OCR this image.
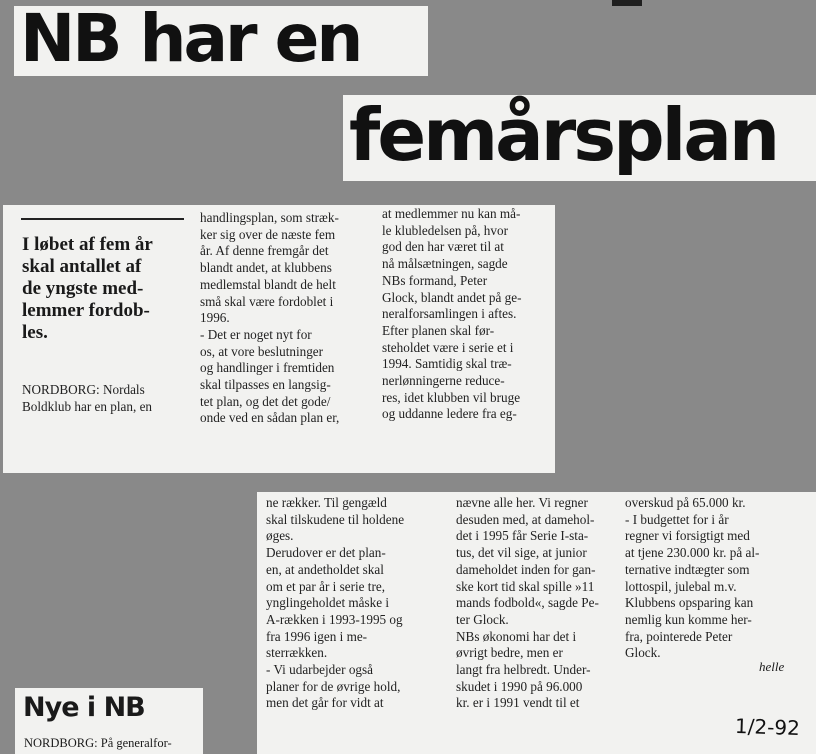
NB har en
femårsplan
I løbet af fem år
skal antallet af
de yngste med-
lemmer fordob-
les.
NORDBORG: Nordals
Boldklub har en plan, en
handlingsplan, som stræk-
ker sig over de næste fem
år. Af denne fremgår det
blandt andet, at klubbens
medlemstal blandt de helt
små skal være fordoblet i
1996.
- Det er noget nyt for
os, at vore beslutninger
og handlinger i fremtiden
skal tilpasses en langsig-
tet plan, og det det gode/
onde ved en sådan plan er,
at medlemmer nu kan må-
le klubledelsen på, hvor
god den har været til at
nå målsætningen, sagde
NBs formand, Peter
Glock, blandt andet på ge-
neralforsamlingen i aftes.
Efter planen skal før-
steholdet være i serie et i
1994. Samtidig skal træ-
nerlønningerne reduce-
res, idet klubben vil bruge
og uddanne ledere fra eg-
ne rækker. Til gengæld
skal tilskudene til holdene
øges.
Derudover er det plan-
en, at andetholdet skal
om et par år i serie tre,
ynglingeholdet måske i
A-rækken i 1993-1995 og
fra 1996 igen i me-
sterrækken.
- Vi udarbejder også
planer for de øvrige hold,
men det går for vidt at
nævne alle her. Vi regner
desuden med, at damehol-
det i 1995 får Serie I-sta-
tus, det vil sige, at junior
dameholdet inden for gan-
ske kort tid skal spille »11
mands fodbold«, sagde Pe-
ter Glock.
NBs økonomi har det i
øvrigt bedre, men er
langt fra helbredt. Under-
skudet i 1990 på 96.000
kr. er i 1991 vendt til et
overskud på 65.000 kr.
- I budgettet for i år
regner vi forsigtigt med
at tjene 230.000 kr. på al-
ternative indtægter som
lottospil, julebal m.v.
Klubbens opsparing kan
nemlig kun komme her-
fra, pointerede Peter
Glock.
helle
1/2-92
Nye i NB
NORDBORG: På generalfor-
